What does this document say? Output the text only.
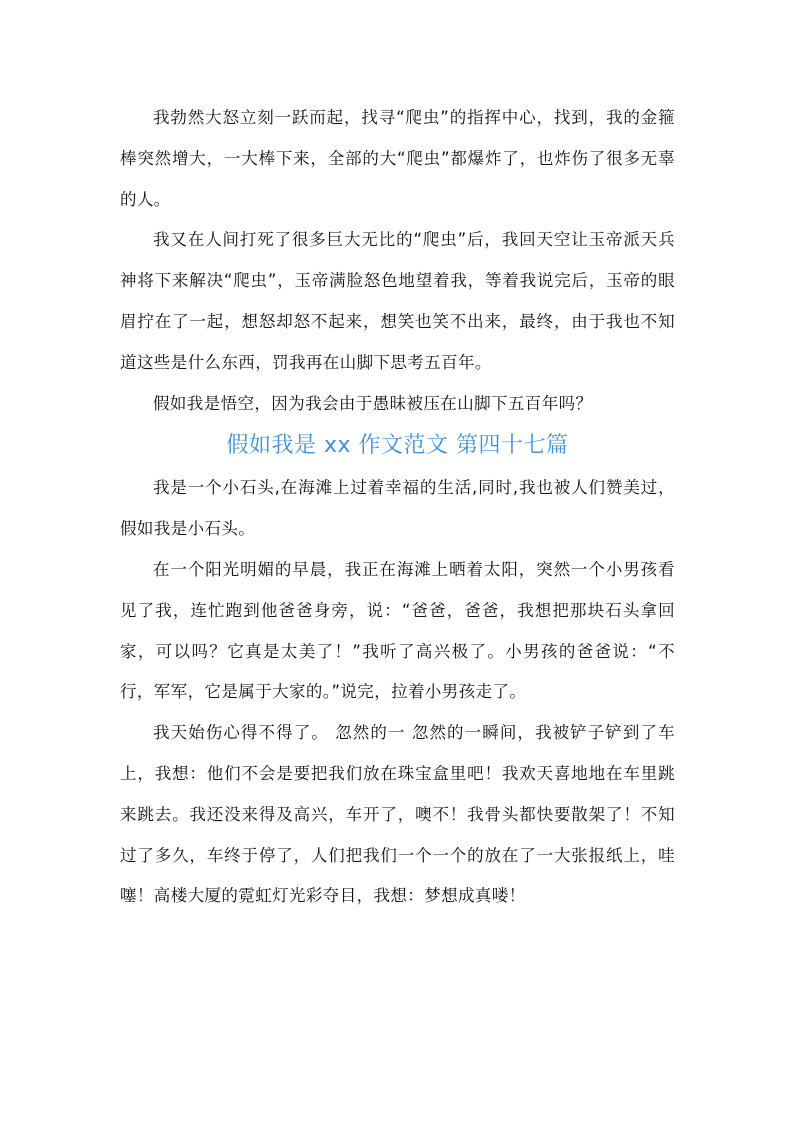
我勃然大怒立刻一跃而起，找寻“爬虫”的指挥中心，找到，我的金箍棒突然增大，一大棒下来，全部的大“爬虫”都爆炸了，也炸伤了很多无辜的人。

我又在人间打死了很多巨大无比的“爬虫”后，我回天空让玉帝派天兵神将下来解决“爬虫”，玉帝满脸怒色地望着我，等着我说完后，玉帝的眼眉拧在了一起，想怒却怒不起来，想笑也笑不出来，最终，由于我也不知道这些是什么东西，罚我再在山脚下思考五百年。

假如我是悟空，因为我会由于愚昧被压在山脚下五百年吗？

假如我是 xx 作文范文 第四十七篇

我是一个小石头,在海滩上过着幸福的生活,同时,我也被人们赞美过，假如我是小石头。

在一个阳光明媚的早晨，我正在海滩上晒着太阳，突然一个小男孩看见了我，连忙跑到他爸爸身旁，说：“爸爸，爸爸，我想把那块石头拿回家，可以吗？它真是太美了！”我听了高兴极了。小男孩的爸爸说：“不行，军军，它是属于大家的。”说完，拉着小男孩走了。

我天始伤心得不得了。 忽然的一 忽然的一瞬间，我被铲子铲到了车上，我想：他们不会是要把我们放在珠宝盒里吧！我欢天喜地地在车里跳来跳去。我还没来得及高兴，车开了，噢不！我骨头都快要散架了！不知过了多久，车终于停了，人们把我们一个一个的放在了一大张报纸上，哇噻！高楼大厦的霓虹灯光彩夺目，我想：梦想成真喽！
